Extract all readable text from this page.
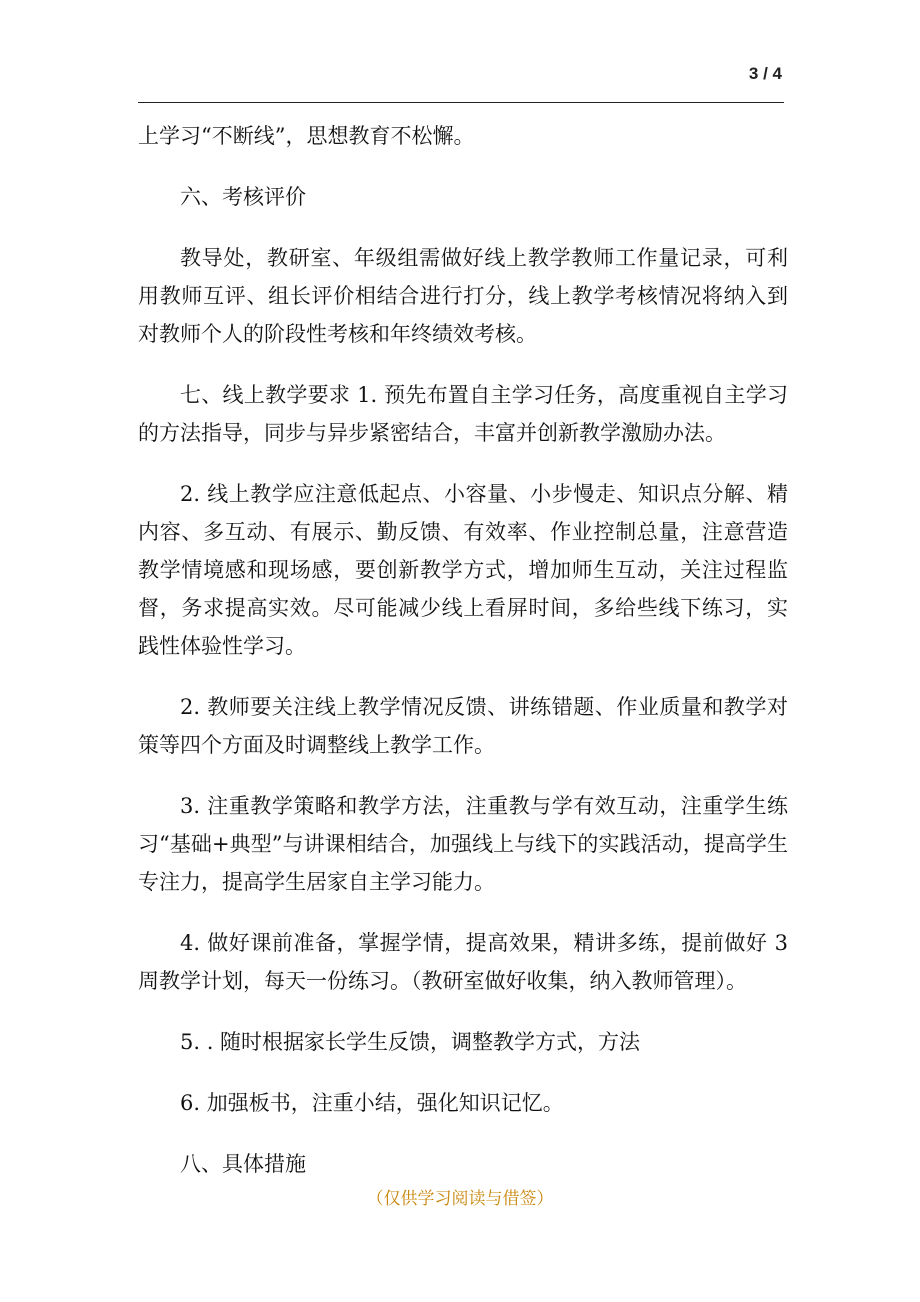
3 / 4

上学习“不断线”，思想教育不松懈。

六、考核评价

教导处，教研室、年级组需做好线上教学教师工作量记录，可利用教师互评、组长评价相结合进行打分，线上教学考核情况将纳入到对教师个人的阶段性考核和年终绩效考核。

七、线上教学要求 1. 预先布置自主学习任务，高度重视自主学习的方法指导，同步与异步紧密结合，丰富并创新教学激励办法。

2. 线上教学应注意低起点、小容量、小步慢走、知识点分解、精内容、多互动、有展示、勤反馈、有效率、作业控制总量，注意营造教学情境感和现场感，要创新教学方式，增加师生互动，关注过程监督，务求提高实效。尽可能减少线上看屏时间，多给些线下练习，实践性体验性学习。

2. 教师要关注线上教学情况反馈、讲练错题、作业质量和教学对策等四个方面及时调整线上教学工作。

3. 注重教学策略和教学方法，注重教与学有效互动，注重学生练习“基础+典型”与讲课相结合，加强线上与线下的实践活动，提高学生专注力，提高学生居家自主学习能力。

4. 做好课前准备，掌握学情，提高效果，精讲多练，提前做好 3 周教学计划，每天一份练习。（教研室做好收集，纳入教师管理）。

5. . 随时根据家长学生反馈，调整教学方式，方法

6. 加强板书，注重小结，强化知识记忆。

八、具体措施

（仅供学习阅读与借签）
